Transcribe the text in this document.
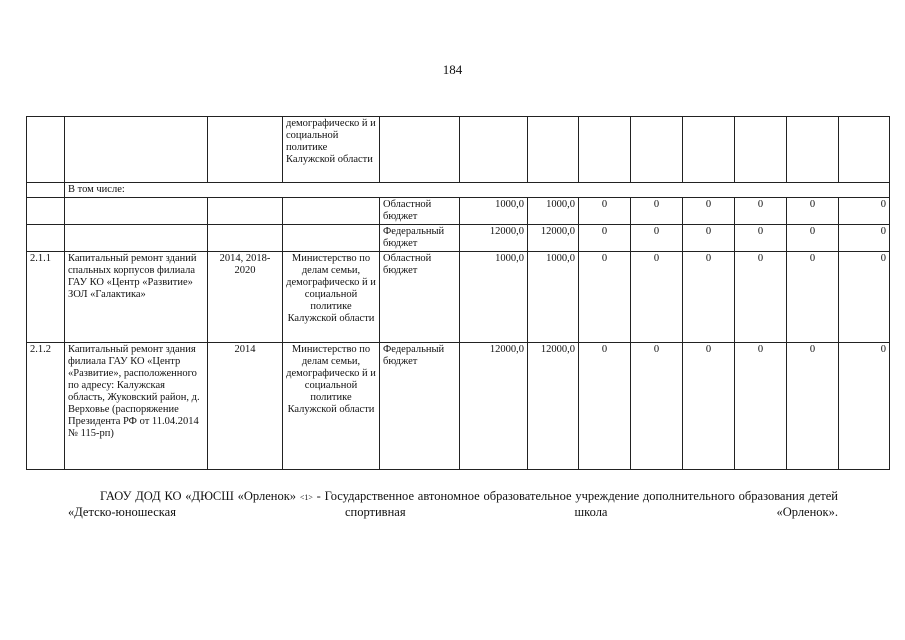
184
			демографическо й и социальной политике Калужской области									
	В том числе:											
				Областной бюджет	1000,0	1000,0	0	0	0	0	0	0
				Федеральный бюджет	12000,0	12000,0	0	0	0	0	0	0
2.1.1	Капитальный ремонт зданий спальных корпусов филиала ГАУ КО «Центр «Развитие» ЗОЛ «Галактика»	2014, 2018-2020	Министерство по делам семьи, демографическо й и социальной политике Калужской области	Областной бюджет	1000,0	1000,0	0	0	0	0	0	0
2.1.2	Капитальный ремонт здания филиала ГАУ КО «Центр «Развитие», расположенного по адресу: Калужская область, Жуковский район, д. Верховье (распоряжение Президента РФ от 11.04.2014 № 115-рп)	2014	Министерство по делам семьи, демографическо й и социальной политике Калужской области	Федеральный бюджет	12000,0	12000,0	0	0	0	0	0	0
ГАОУ ДОД КО «ДЮСШ «Орленок» <1> - Государственное автономное образовательное учреждение дополнительного образования детей «Детско-юношеская спортивная школа «Орленок».
